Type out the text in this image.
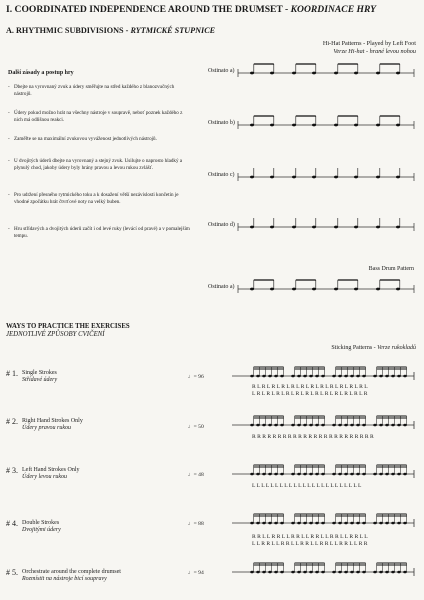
I. COORDINATED INDEPENDENCE AROUND THE DRUMSET - KOORDINACE HRY
A. RHYTHMIC SUBDIVISIONS - RYTMICKÉ STUPNICE
Hi-Hat Patterns - Played by Left Foot
Verze Hi-hat - hrané levou nohou
Další zásady a postup hry
- Dbejte na vyrovnaný zvuk a údery směřujte na střed každého z blanozvučných nástrojů.
- Údery pokud možno hrát na všechny nástroje v soupravě, neboť poznek každého z nich má odlišnou reakci.
- Zaměřte se na maximální zvukovou vyváženost jednotlivých nástrojů.
- U dvojitých úderů dbejte na vyrovnaný a stejný zvuk. Usilujte o naprosto hladký a plynulý chod, jakoby údery byly hrány pravou a levou rukou zvlášť.
- Pro udržení přesného rytmického toku a k dosažení větší nezávislosti končetin je vhodné zpočátku hrát čtvrťové noty na velký buben.
- Hru střídavých a dvojitých úderů začít i od levé ruky (levácí od pravé) a v pomalejším tempu.
Ostinato a)
Ostinato b)
Ostinato c)
Ostinato d)
Bass Drum Pattern
Ostinato a)
WAYS TO PRACTICE THE EXERCISES
JEDNOTLIVÉ ZPŮSOBY CVIČENÍ
Sticking Patterns - Verze rukokladů
# 1. Single Strokes
Střídavé údery	♩= 96
# 2. Right Hand Strokes Only
Údery pravou rukou	♩= 50
# 3. Left Hand Strokes Only
Údery levou rukou	♩= 48
# 4. Double Strokes
Dvojitými údery
♩= 88
# 5. Orchestrate around the complete drumset
Rozmístit na nástroje bicí soupravy
♩= 94
R L R L R L R L R L R L R L R L R L R L R L R L
L R L R L R L R L R L R L R L R L R L R L R L R
R R R R R R R R R R R R R R R R R R R R R R R R
L L L L L L L L L L L L L L L L L L L L L L L L
R R L L R R L L R R L L R R L L R R L L R R L L
L L R R L L R R L L R R L L R R L L R R L L R R
